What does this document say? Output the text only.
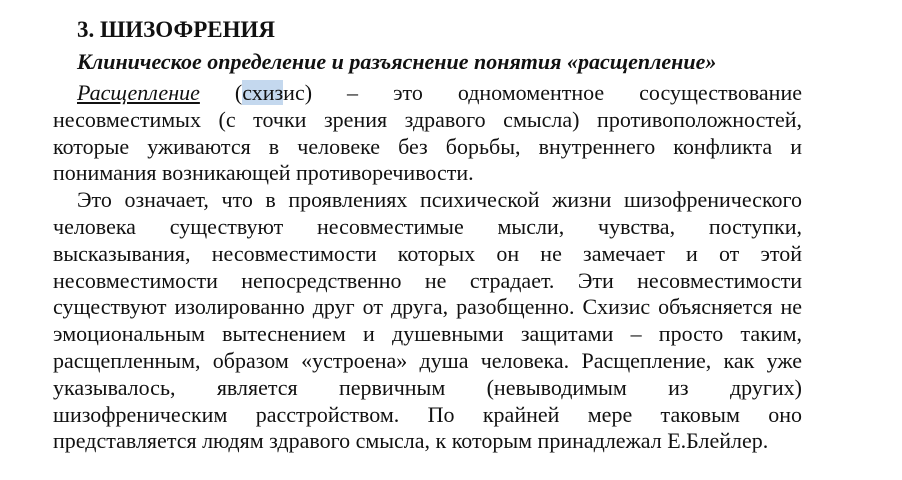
3. ШИЗОФРЕНИЯ
Клиническое определение и разъяснение понятия «расщепление»

Расщепление (схизис) – это одномоментное сосуществование несовместимых (с точки зрения здравого смысла) противоположностей, которые уживаются в человеке без борьбы, внутреннего конфликта и понимания возникающей противоречивости.

Это означает, что в проявлениях психической жизни шизофренического человека существуют несовместимые мысли, чувства, поступки, высказывания, несовместимости которых он не замечает и от этой несовместимости непосредственно не страдает. Эти несовместимости существуют изолированно друг от друга, разобщенно. Схизис объясняется не эмоциональным вытеснением и душевными защитами – просто таким, расщепленным, образом «устроена» душа человека. Расщепление, как уже указывалось, является первичным (невыводимым из других) шизофреническим расстройством. По крайней мере таковым оно представляется людям здравого смысла, к которым принадлежал Е.Блейлер.
